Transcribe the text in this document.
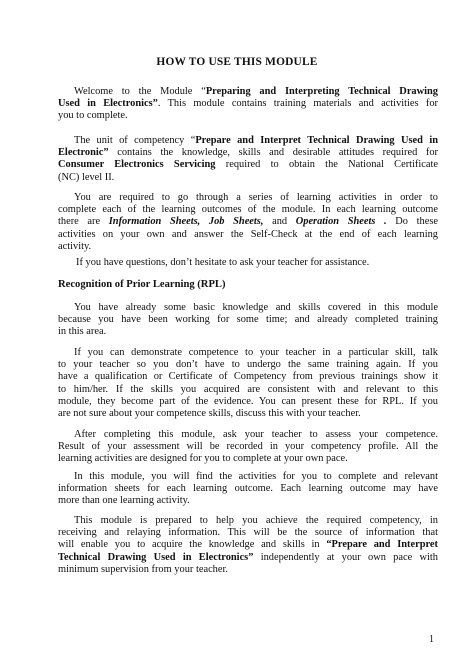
HOW TO USE THIS MODULE
Welcome to the Module “Preparing and Interpreting Technical Drawing
Used in Electronics”. This module contains training materials and activities for
you to complete.
The unit of competency “Prepare and Interpret Technical Drawing Used in
Electronic” contains the knowledge, skills and desirable attitudes required for
Consumer Electronics Servicing required to obtain the National Certificate
(NC) level II.
You are required to go through a series of learning activities in order to
complete each of the learning outcomes of the module. In each learning outcome
there are Information Sheets, Job Sheets, and Operation Sheets . Do these
activities on your own and answer the Self-Check at the end of each learning
activity.
If you have questions, don’t hesitate to ask your teacher for assistance.
Recognition of Prior Learning (RPL)
You have already some basic knowledge and skills covered in this module
because you have been working for some time; and already completed training
in this area.
If you can demonstrate competence to your teacher in a particular skill, talk
to your teacher so you don’t have to undergo the same training again. If you
have a qualification or Certificate of Competency from previous trainings show it
to him/her. If the skills you acquired are consistent with and relevant to this
module, they become part of the evidence. You can present these for RPL. If you
are not sure about your competence skills, discuss this with your teacher.
After completing this module, ask your teacher to assess your competence.
Result of your assessment will be recorded in your competency profile. All the
learning activities are designed for you to complete at your own pace.
In this module, you will find the activities for you to complete and relevant
information sheets for each learning outcome. Each learning outcome may have
more than one learning activity.
This module is prepared to help you achieve the required competency, in
receiving and relaying information. This will be the source of information that
will enable you to acquire the knowledge and skills in “Prepare and Interpret
Technical Drawing Used in Electronics” independently at your own pace with
minimum supervision from your teacher.
1
